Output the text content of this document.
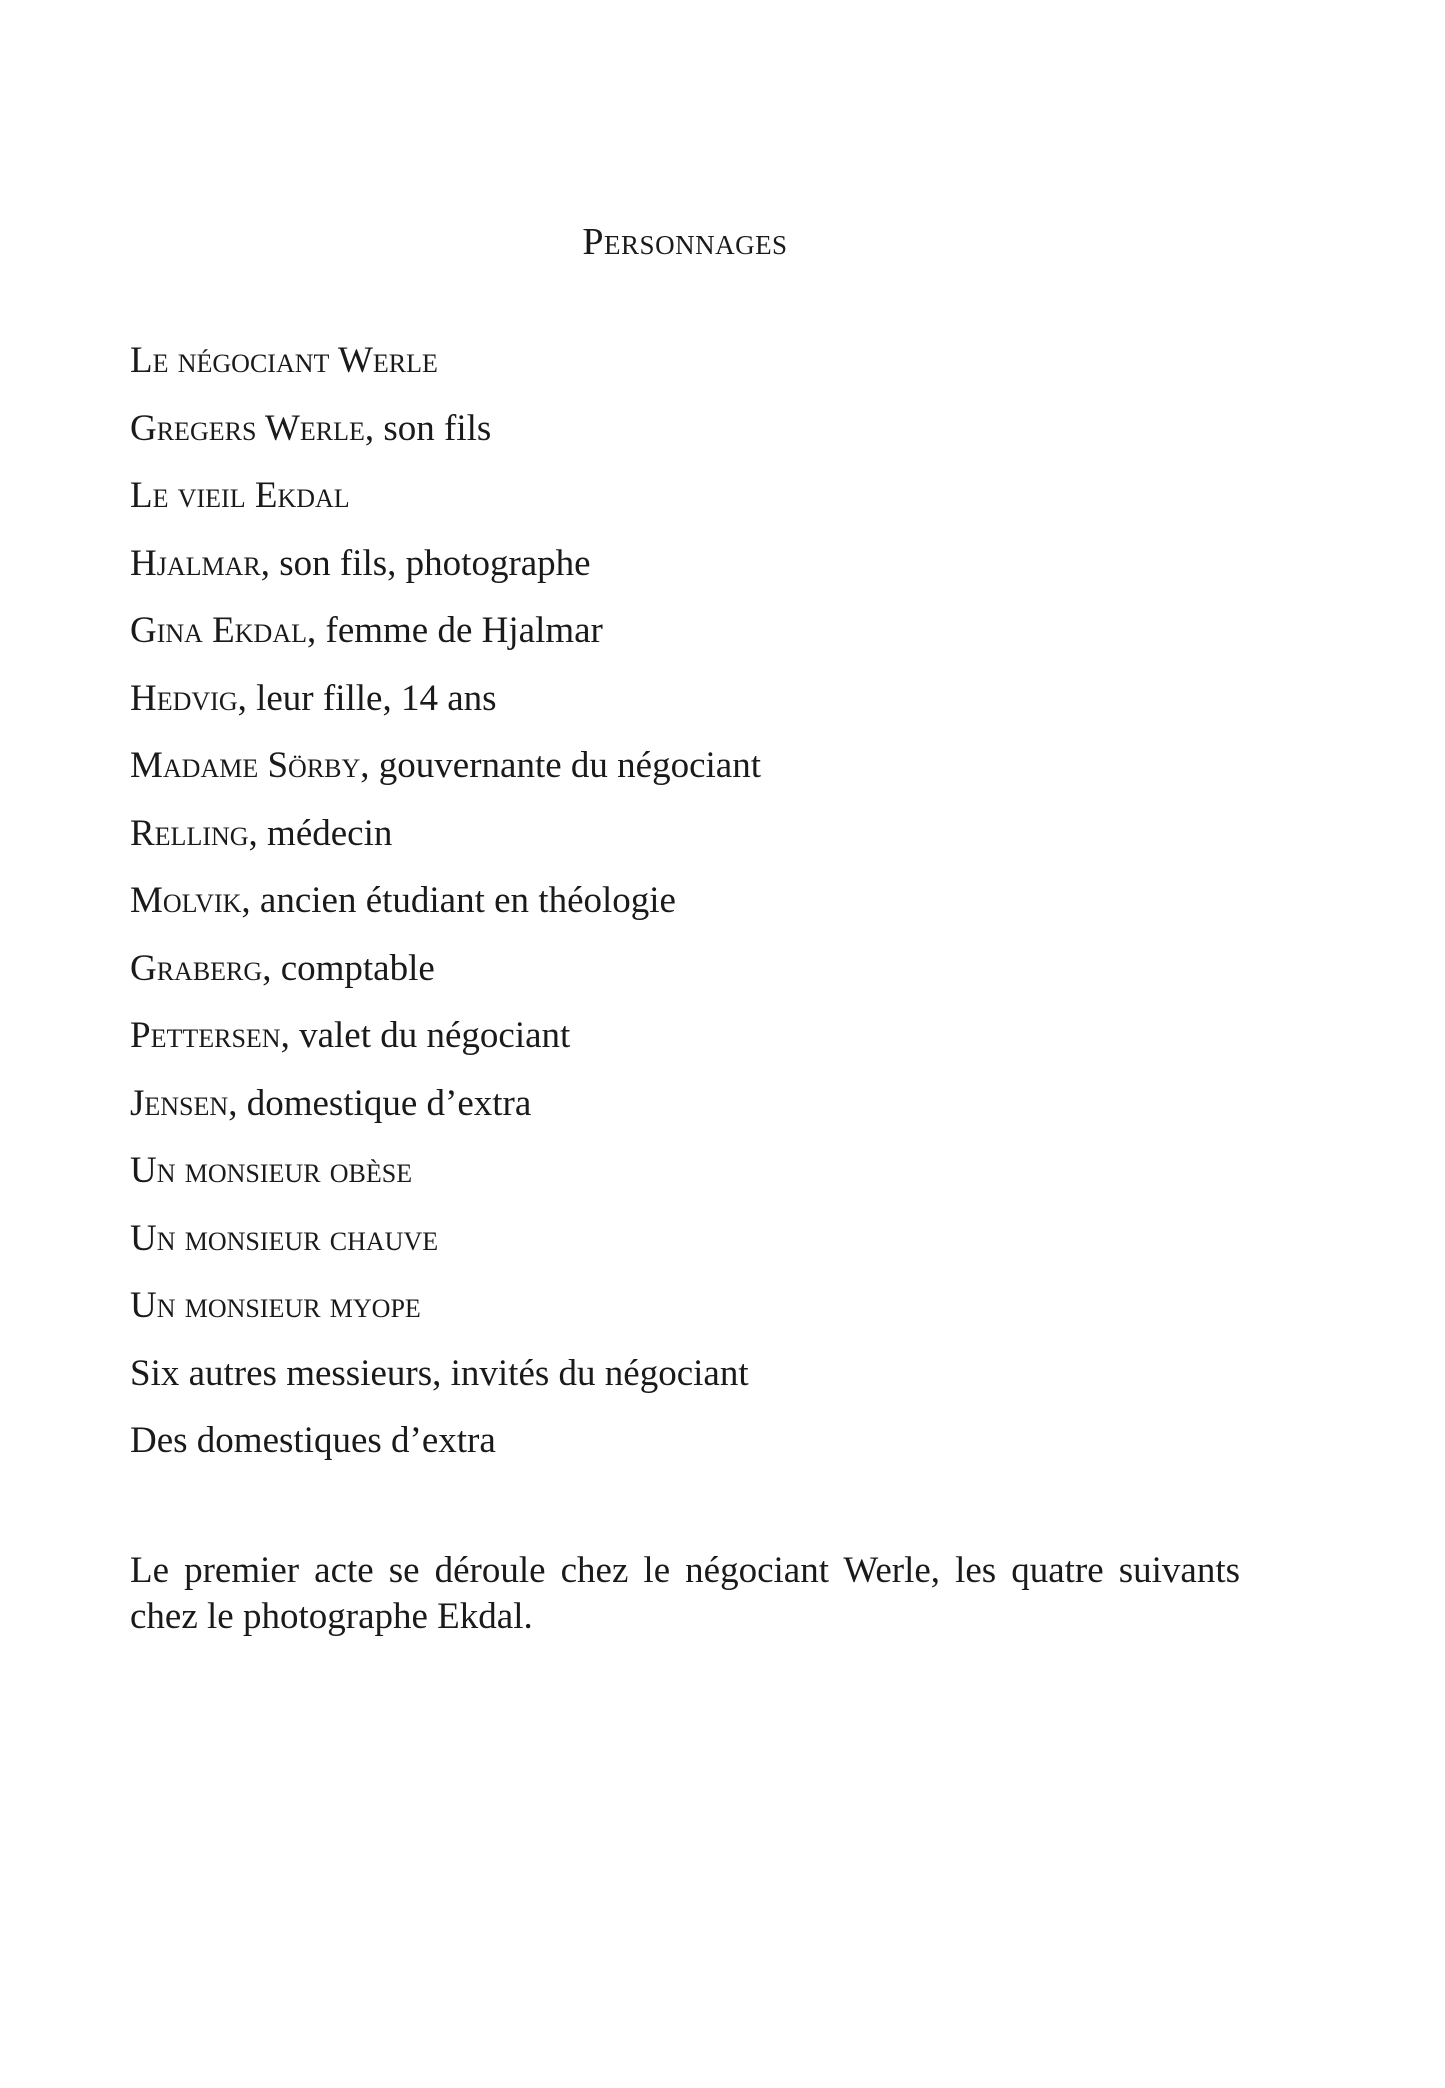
Personnages
Le négociant Werle
Gregers Werle, son fils
Le vieil Ekdal
Hjalmar, son fils, photographe
Gina Ekdal, femme de Hjalmar
Hedvig, leur fille, 14 ans
Madame Sörby, gouvernante du négociant
Relling, médecin
Molvik, ancien étudiant en théologie
Graberg, comptable
Pettersen, valet du négociant
Jensen, domestique d’extra
Un monsieur obèse
Un monsieur chauve
Un monsieur myope
Six autres messieurs, invités du négociant
Des domestiques d’extra

Le premier acte se déroule chez le négociant Werle, les quatre suivants chez le photographe Ekdal.
